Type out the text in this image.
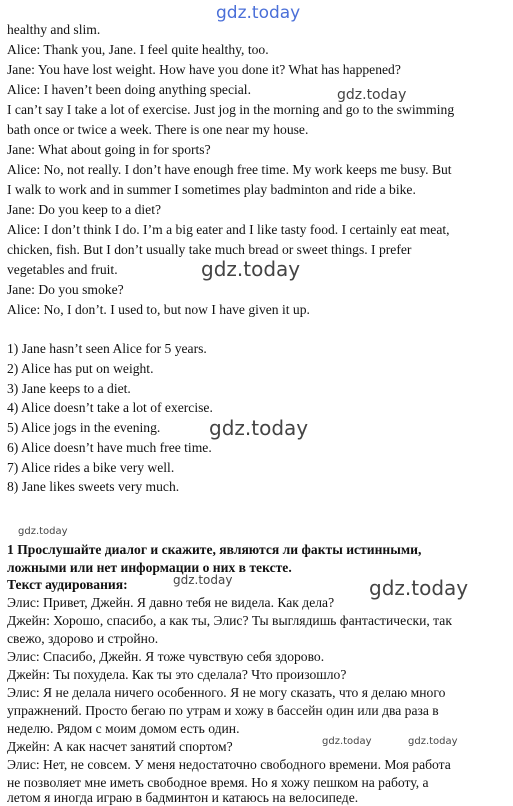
gdz.today
gdz.today
gdz.today
gdz.today
gdz.today
gdz.today	gdz.today
gdz.today	gdz.today
healthy and slim.
Alice: Thank you, Jane. I feel quite healthy, too.
Jane: You have lost weight. How have you done it? What has happened?
Alice: I haven’t been doing anything special.
I can’t say I take a lot of exercise. Just jog in the morning and go to the swimming
bath once or twice a week. There is one near my house.
Jane: What about going in for sports?
Alice: No, not really. I don’t have enough free time. My work keeps me busy. But
I walk to work and in summer I sometimes play badminton and ride a bike.
Jane: Do you keep to a diet?
Alice: I don’t think I do. I’m a big eater and I like tasty food. I certainly eat meat,
chicken, fish. But I don’t usually take much bread or sweet things. I prefer
vegetables and fruit.
Jane: Do you smoke?
Alice: No, I don’t. I used to, but now I have given it up.
1) Jane hasn’t seen Alice for 5 years.
2) Alice has put on weight.
3) Jane keeps to a diet.
4) Alice doesn’t take a lot of exercise.
5) Alice jogs in the evening.
6) Alice doesn’t have much free time.
7) Alice rides a bike very well.
8) Jane likes sweets very much.
1 Прослушайте диалог и скажите, являются ли факты истинными,
ложными или нет информации о них в тексте.
Текст аудирования:
Элис: Привет, Джейн. Я давно тебя не видела. Как дела?
Джейн: Хорошо, спасибо, а как ты, Элис? Ты выглядишь фантастически, так
свежо, здорово и стройно.
Элис: Спасибо, Джейн. Я тоже чувствую себя здорово.
Джейн: Ты похудела. Как ты это сделала? Что произошло?
Элис: Я не делала ничего особенного. Я не могу сказать, что я делаю много
упражнений. Просто бегаю по утрам и хожу в бассейн один или два раза в
неделю. Рядом с моим домом есть один.
Джейн: А как насчет занятий спортом?
Элис: Нет, не совсем. У меня недостаточно свободного времени. Моя работа
не позволяет мне иметь свободное время. Но я хожу пешком на работу, а
летом я иногда играю в бадминтон и катаюсь на велосипеде.
